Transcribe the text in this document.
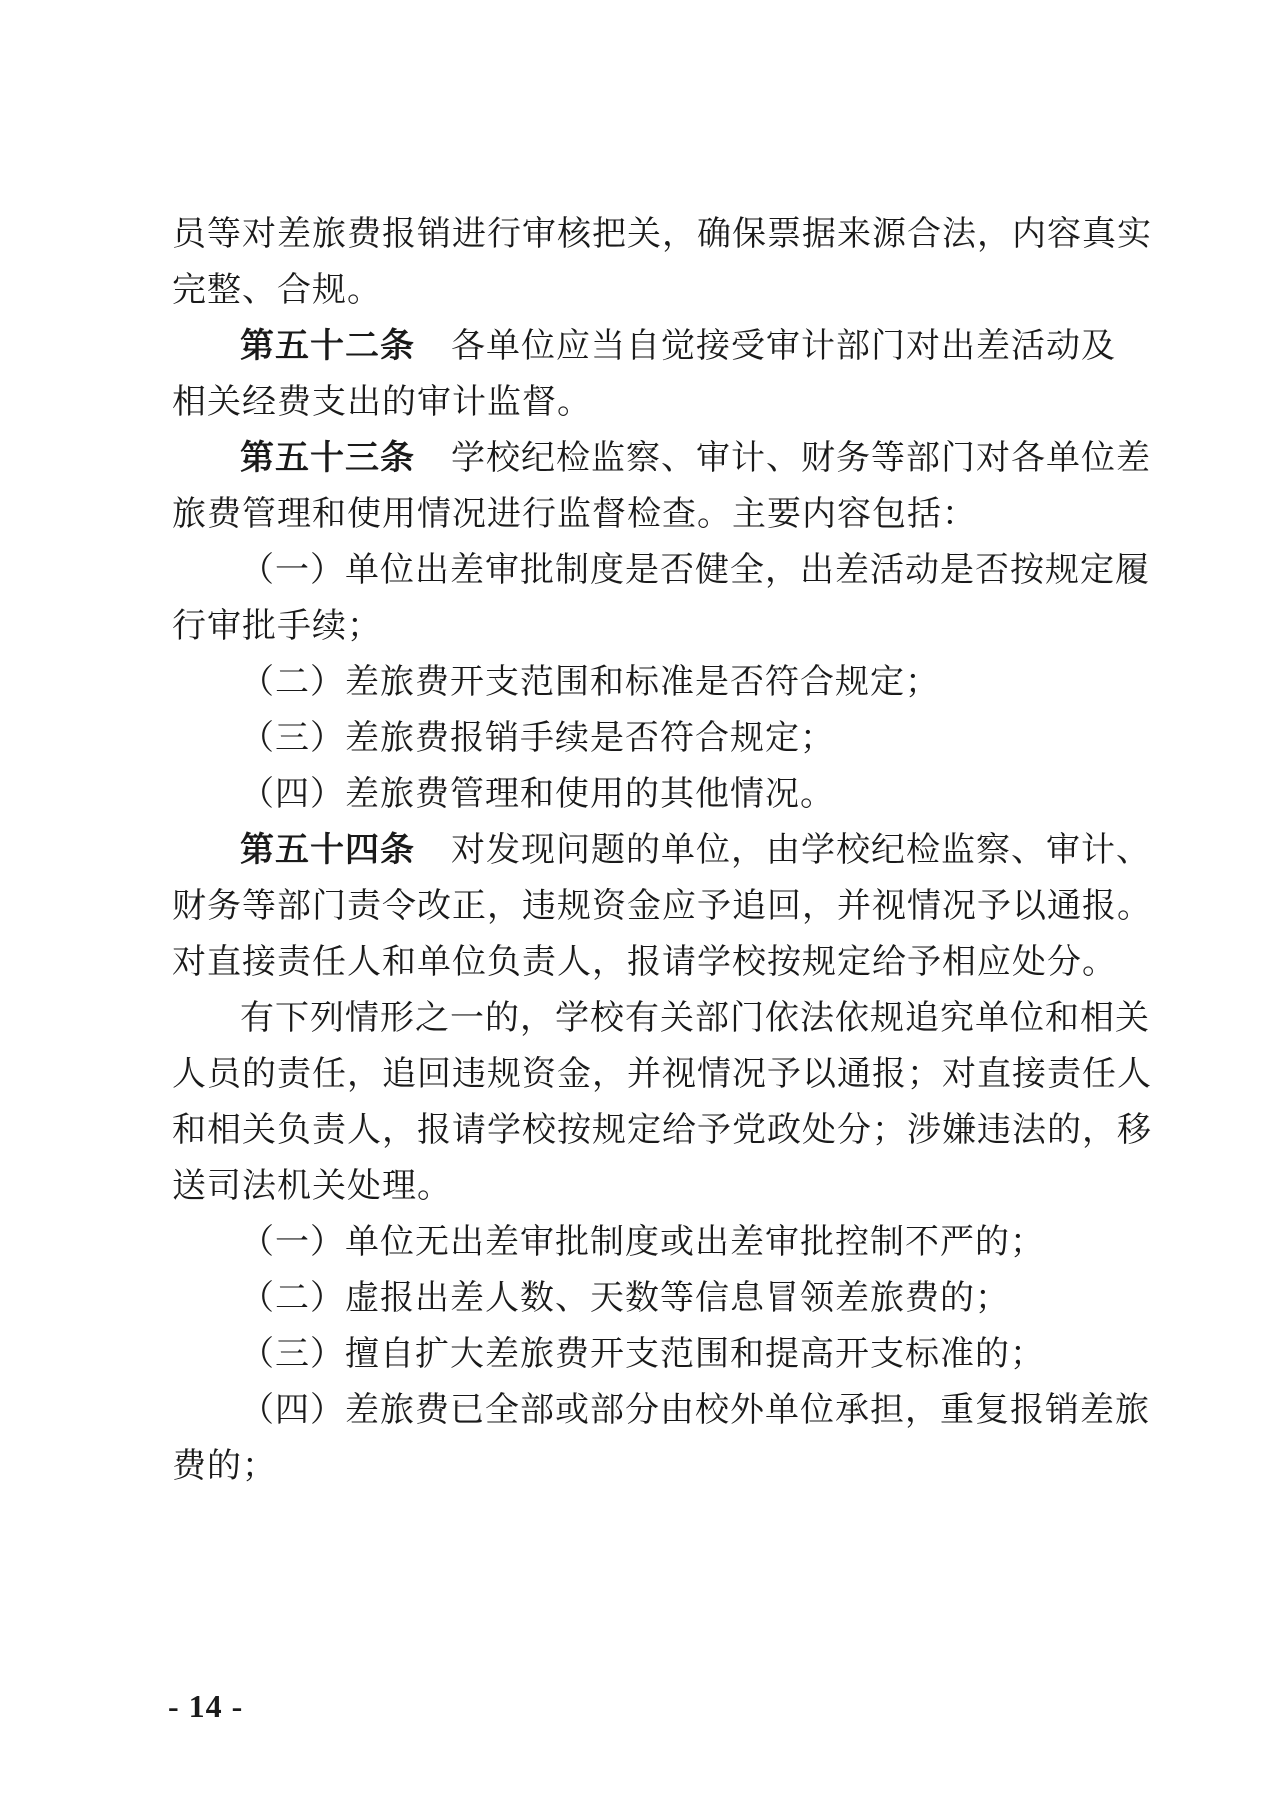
员等对差旅费报销进行审核把关，确保票据来源合法，内容真实
完整、合规。
第五十二条 各单位应当自觉接受审计部门对出差活动及
相关经费支出的审计监督。
第五十三条 学校纪检监察、审计、财务等部门对各单位差
旅费管理和使用情况进行监督检查。主要内容包括：
（一）单位出差审批制度是否健全，出差活动是否按规定履
行审批手续；
（二）差旅费开支范围和标准是否符合规定；
（三）差旅费报销手续是否符合规定；
（四）差旅费管理和使用的其他情况。
第五十四条 对发现问题的单位，由学校纪检监察、审计、
财务等部门责令改正，违规资金应予追回，并视情况予以通报。
对直接责任人和单位负责人，报请学校按规定给予相应处分。
有下列情形之一的，学校有关部门依法依规追究单位和相关
人员的责任，追回违规资金，并视情况予以通报；对直接责任人
和相关负责人，报请学校按规定给予党政处分；涉嫌违法的，移
送司法机关处理。
（一）单位无出差审批制度或出差审批控制不严的；
（二）虚报出差人数、天数等信息冒领差旅费的；
（三）擅自扩大差旅费开支范围和提高开支标准的；
（四）差旅费已全部或部分由校外单位承担，重复报销差旅
费的；
- 14 -
